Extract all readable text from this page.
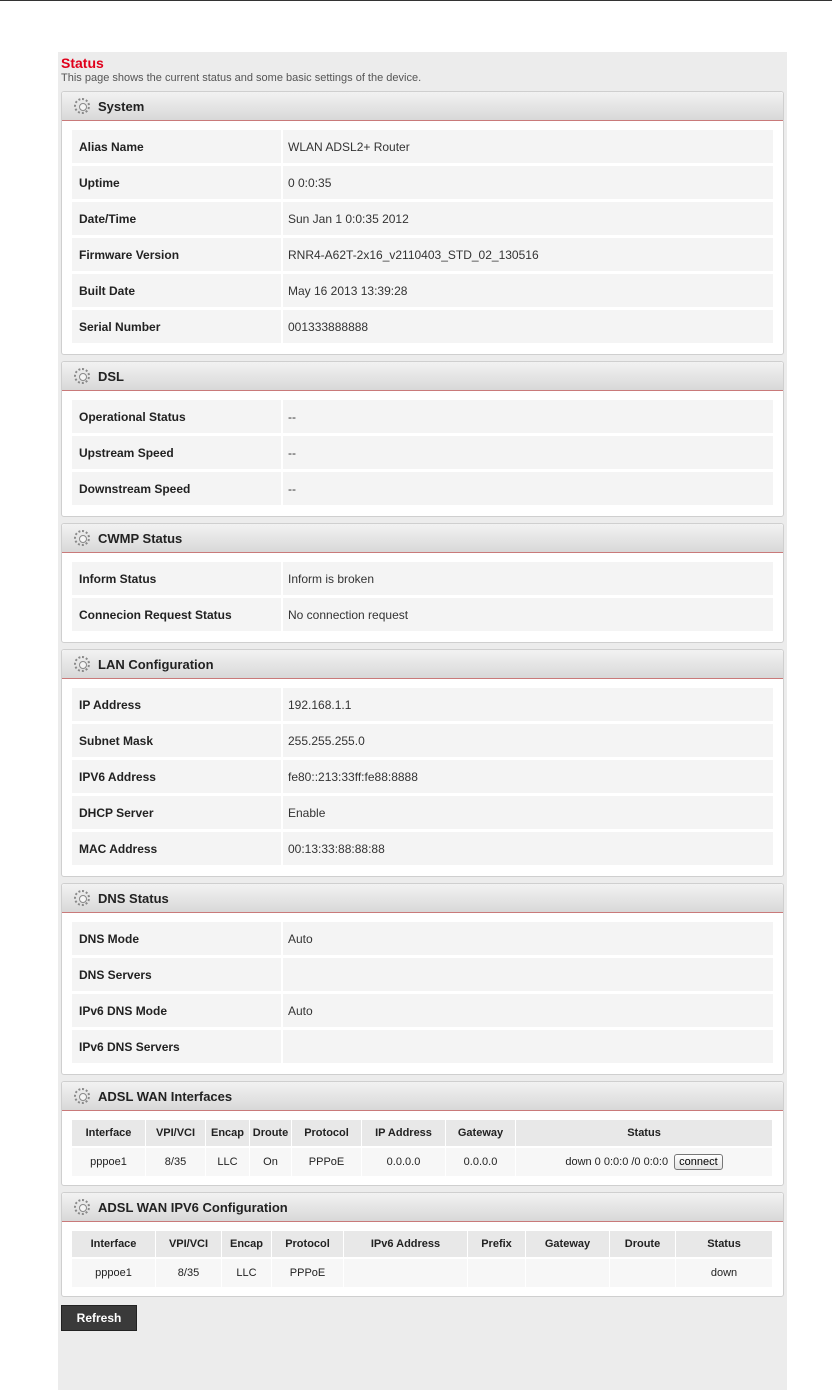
Status
This page shows the current status and some basic settings of the device.
System
Alias Name	WLAN ADSL2+ Router
Uptime	0 0:0:35
Date/Time	Sun Jan 1 0:0:35 2012
Firmware Version	RNR4-A62T-2x16_v2110403_STD_02_130516
Built Date	May 16 2013 13:39:28
Serial Number	001333888888
DSL
Operational Status	--
Upstream Speed	--
Downstream Speed	--
CWMP Status
Inform Status	Inform is broken
Connecion Request Status	No connection request
LAN Configuration
IP Address	192.168.1.1
Subnet Mask	255.255.255.0
IPV6 Address	fe80::213:33ff:fe88:8888
DHCP Server	Enable
MAC Address	00:13:33:88:88:88
DNS Status
DNS Mode	Auto
DNS Servers
IPv6 DNS Mode	Auto
IPv6 DNS Servers
ADSL WAN Interfaces
Interface	VPI/VCI	Encap	Droute	Protocol	IP Address	Gateway	Status
pppoe1	8/35	LLC	On	PPPoE	0.0.0.0	0.0.0.0	down 0 0:0:0 /0 0:0:0 connect
ADSL WAN IPV6 Configuration
Interface	VPI/VCI	Encap	Protocol	IPv6 Address	Prefix	Gateway	Droute	Status
pppoe1	8/35	LLC	PPPoE					down
Refresh
